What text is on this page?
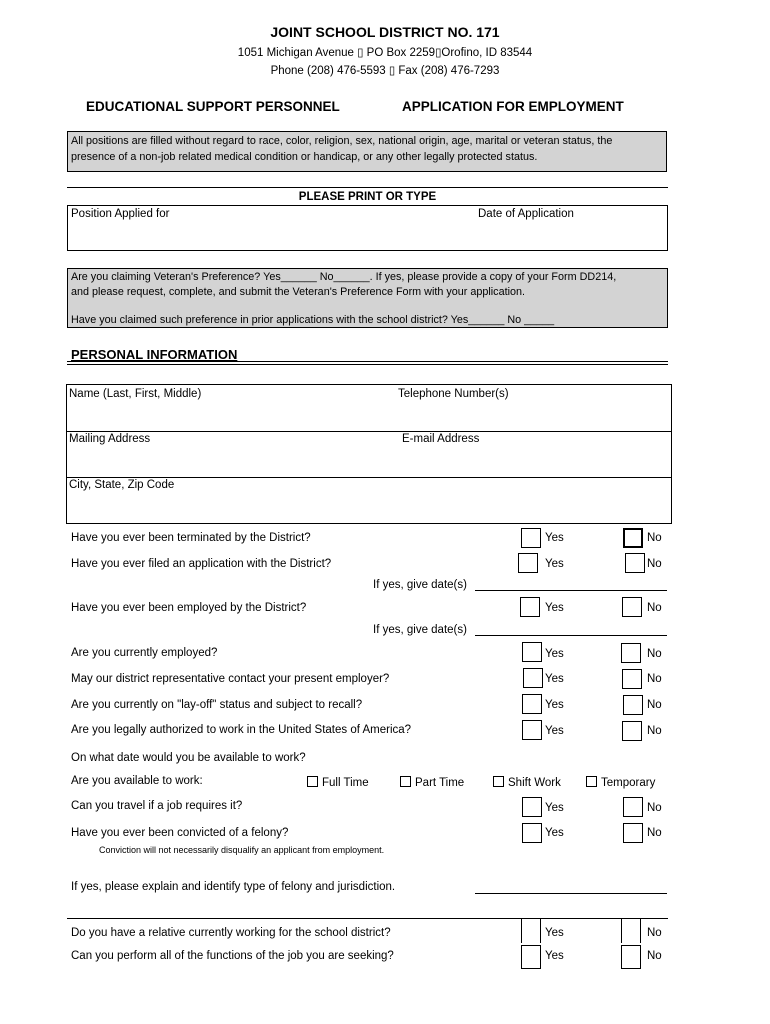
JOINT SCHOOL DISTRICT NO. 171
1051 Michigan Avenue ▯ PO Box 2259▯Orofino, ID 83544
Phone (208) 476-5593 ▯ Fax (208) 476-7293
EDUCATIONAL SUPPORT PERSONNEL	APPLICATION FOR EMPLOYMENT
All positions are filled without regard to race, color, religion, sex, national origin, age, marital or veteran status, the
presence of a non-job related medical condition or handicap, or any other legally protected status.
PLEASE PRINT OR TYPE
Position Applied for	Date of Application
Are you claiming Veteran's Preference? Yes______ No______. If yes, please provide a copy of your Form DD214,
and please request, complete, and submit the Veteran's Preference Form with your application.
Have you claimed such preference in prior applications with the school district? Yes______ No _____
PERSONAL INFORMATION
Name (Last, First, Middle)	Telephone Number(s)
Mailing Address	E-mail Address
City, State, Zip Code
Have you ever been terminated by the District?	Yes	No
Have you ever filed an application with the District?	Yes	No
If yes, give date(s)
Have you ever been employed by the District?	Yes	No
If yes, give date(s)
Are you currently employed?	Yes	No
May our district representative contact your present employer?	Yes	No
Are you currently on "lay-off" status and subject to recall?	Yes	No
Are you legally authorized to work in the United States of America?	Yes	No
On what date would you be available to work?
Are you available to work:	Full Time	Part Time	Shift Work	Temporary
Can you travel if a job requires it?	Yes	No
Have you ever been convicted of a felony?	Yes	No
Conviction will not necessarily disqualify an applicant from employment.
If yes, please explain and identify type of felony and jurisdiction.
Do you have a relative currently working for the school district?	Yes	No
Can you perform all of the functions of the job you are seeking?	Yes	No
